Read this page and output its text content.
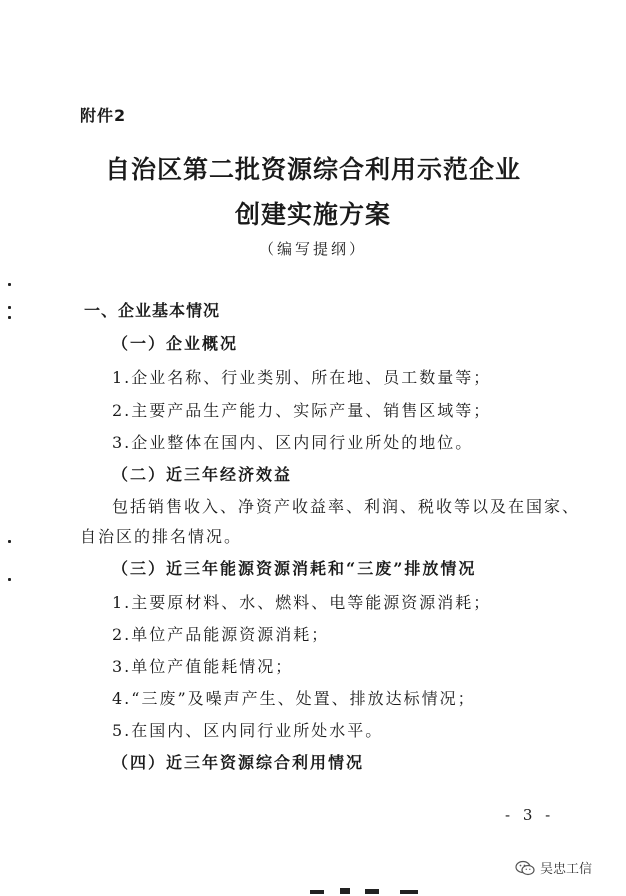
附件2
自治区第二批资源综合利用示范企业
创建实施方案
（编写提纲）
一、企业基本情况
（一）企业概况
1.企业名称、行业类别、所在地、员工数量等；
2.主要产品生产能力、实际产量、销售区域等；
3.企业整体在国内、区内同行业所处的地位。
（二）近三年经济效益
包括销售收入、净资产收益率、利润、税收等以及在国家、
自治区的排名情况。
（三）近三年能源资源消耗和“三废”排放情况
1.主要原材料、水、燃料、电等能源资源消耗；
2.单位产品能源资源消耗；
3.单位产值能耗情况；
4.“三废”及噪声产生、处置、排放达标情况；
5.在国内、区内同行业所处水平。
（四）近三年资源综合利用情况
- 3 -
吴忠工信
